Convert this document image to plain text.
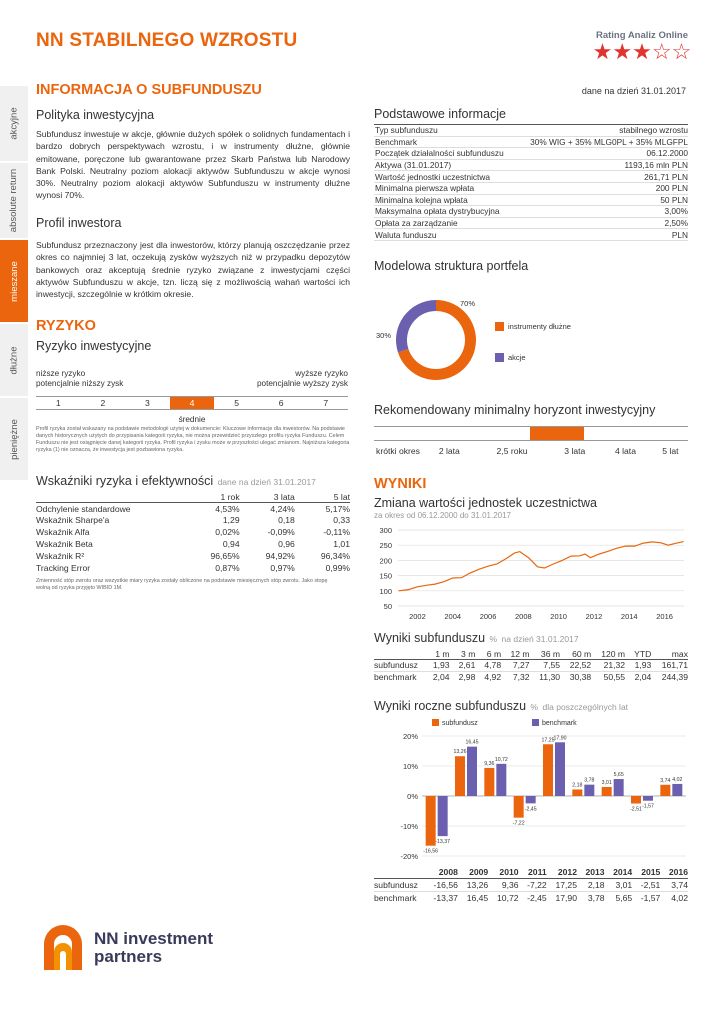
NN STABILNEGO WZROSTU	Rating Analiz Online
★★★☆☆
akcyjne
absolute return
mieszane
dłużne
pieniężne
INFORMACJA O SUBFUNDUSZU	dane na dzień 31.01.2017
Polityka inwestycyjna
Subfundusz inwestuje w akcje, głównie dużych spółek o solidnych fundamentach i bardzo dobrych perspektywach wzrostu, i w instrumenty dłużne, głównie emitowane, poręczone lub gwarantowane przez Skarb Państwa lub Narodowy Bank Polski. Neutralny poziom alokacji aktywów Subfunduszu w akcje wynosi 30%. Neutralny poziom alokacji aktywów Subfunduszu w instrumenty dłużne wynosi 70%.
Profil inwestora
Subfundusz przeznaczony jest dla inwestorów, którzy planują oszczędzanie przez okres co najmniej 3 lat, oczekują zysków wyższych niż w przypadku depozytów bankowych oraz akceptują średnie ryzyko związane z inwestycjami części aktywów Subfunduszu w akcje, tzn. liczą się z możliwością wahań wartości ich inwestycji, szczególnie w krótkim okresie.
RYZYKO
Ryzyko inwestycyjne
niższe ryzyko
potencjalnie niższy zysk
wyższe ryzyko
potencjalnie wyższy zysk
1	2	3	4	5	6	7
średnie
Profil ryzyka został wskazany na podstawie metodologii użytej w dokumencie: Kluczowe informacje dla inwestorów. Na podstawie danych historycznych użytych do przypisania kategorii ryzyka, nie można przewidzieć przyszłego profilu ryzyka Funduszu. Celem Funduszu nie jest osiągnięcie danej kategorii ryzyka. Profil ryzyka i zysku może w przyszłości ulegać zmianom. Najniższa kategoria ryzyka (1) nie oznacza, że inwestycja jest pozbawiona ryzyka.
Wskaźniki ryzyka i efektywności dane na dzień 31.01.2017
	1 rok	3 lata	5 lat
Odchylenie standardowe	4,53%	4,24%	5,17%
Wskaźnik Sharpe'a	1,29	0,18	0,33
Wskaźnik Alfa	0,02%	-0,09%	-0,11%
Wskaźnik Beta	0,94	0,96	1,01
Wskaźnik R²	96,65%	94,92%	96,34%
Tracking Error	0,87%	0,97%	0,99%
Zmienność stóp zwrotu oraz wszystkie miary ryzyka zostały obliczone na podstawie miesięcznych stóp zwrotu. Jako stopę
wolną od ryzyka przyjęto WIBID 1M.
Podstawowe informacje
Typ subfunduszu	stabilnego wzrostu
Benchmark	30% WIG + 35% MLG0PL + 35% MLGFPL
Początek działalności subfunduszu	06.12.2000
Aktywa (31.01.2017)	1193,16 mln PLN
Wartość jednostki uczestnictwa	261,71 PLN
Minimalna pierwsza wpłata	200 PLN
Minimalna kolejna wpłata	50 PLN
Maksymalna opłata dystrybucyjna	3,00%
Opłata za zarządzanie	2,50%
Waluta funduszu	PLN
Modelowa struktura portfela
70%
30%
instrumenty dłużne
akcje
Rekomendowany minimalny horyzont inwestycyjny
krótki okres	2 lata	2,5 roku	3 lata	4 lata	5 lat
WYNIKI
Zmiana wartości jednostek uczestnictwa
za okres od 06.12.2000 do 31.01.2017
50
100
150
200
250
300
2002 2004 2006 2008 2010 2012 2014 2016
Wyniki subfunduszu % na dzień 31.01.2017
	1 m	3 m	6 m	12 m	36 m	60 m	120 m	YTD	max
subfundusz	1,93	2,61	4,78	7,27	7,55	22,52	21,32	1,93	161,71
benchmark	2,04	2,98	4,92	7,32	11,30	30,38	50,55	2,04	244,39
Wyniki roczne subfunduszu % dla poszczególnych lat
subfundusz	benchmark
20%
10%
0%
-10%
-20%
-16,56
-13,37
13,26
16,45
9,36
10,72
-7,22
-2,45
17,25 17,90
2,18
3,78 3,01
5,65
-2,51 -1,57
3,74 4,02
	2008	2009	2010	2011	2012	2013	2014	2015	2016
subfundusz	-16,56	13,26	9,36	-7,22	17,25	2,18	3,01	-2,51	3,74
benchmark	-13,37	16,45	10,72	-2,45	17,90	3,78	5,65	-1,57	4,02
NN investment
partners
